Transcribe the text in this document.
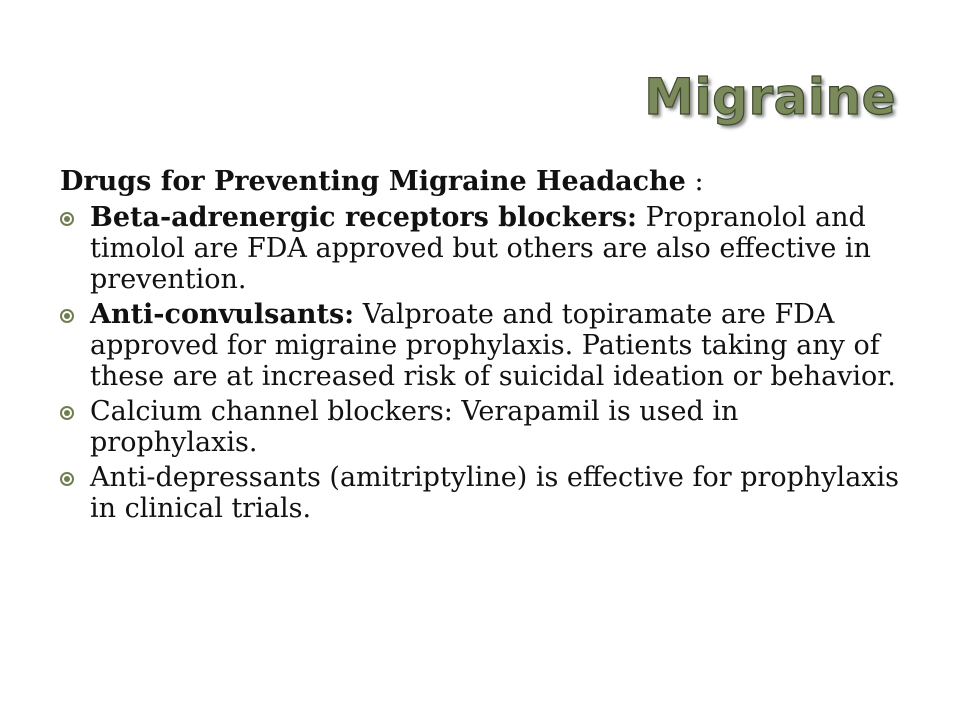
Migraine

Drugs for Preventing Migraine Headache :

Beta-adrenergic receptors blockers: Propranolol and timolol are FDA approved but others are also effective in prevention.
Anti-convulsants: Valproate and topiramate are FDA approved for migraine prophylaxis. Patients taking any of these are at increased risk of suicidal ideation or behavior.
Calcium channel blockers: Verapamil is used in prophylaxis.
Anti-depressants (amitriptyline) is effective for prophylaxis in clinical trials.
